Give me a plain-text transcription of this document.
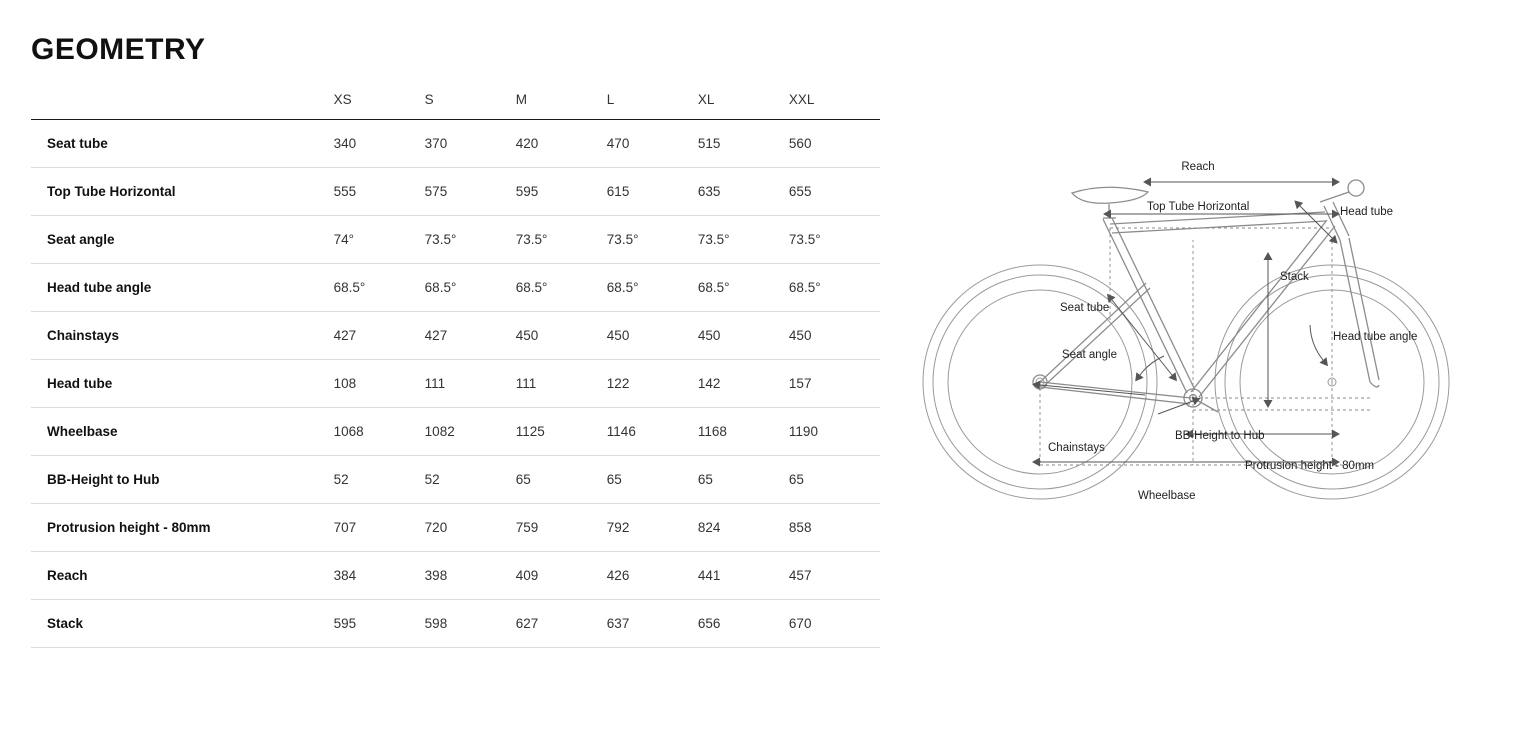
GEOMETRY
	XS	S	M	L	XL	XXL
Seat tube	340	370	420	470	515	560
Top Tube Horizontal	555	575	595	615	635	655
Seat angle	74°	73.5°	73.5°	73.5°	73.5°	73.5°
Head tube angle	68.5°	68.5°	68.5°	68.5°	68.5°	68.5°
Chainstays	427	427	450	450	450	450
Head tube	108	111	111	122	142	157
Wheelbase	1068	1082	1125	1146	1168	1190
BB-Height to Hub	52	52	65	65	65	65
Protrusion height - 80mm	707	720	759	792	824	858
Reach	384	398	409	426	441	457
Stack	595	598	627	637	656	670
Reach
Top Tube Horizontal	Head tube
Stack
Seat tube
Seat angle
Head tube angle
BB-Height to Hub
Chainstays
Protrusion height - 80mm
Wheelbase
